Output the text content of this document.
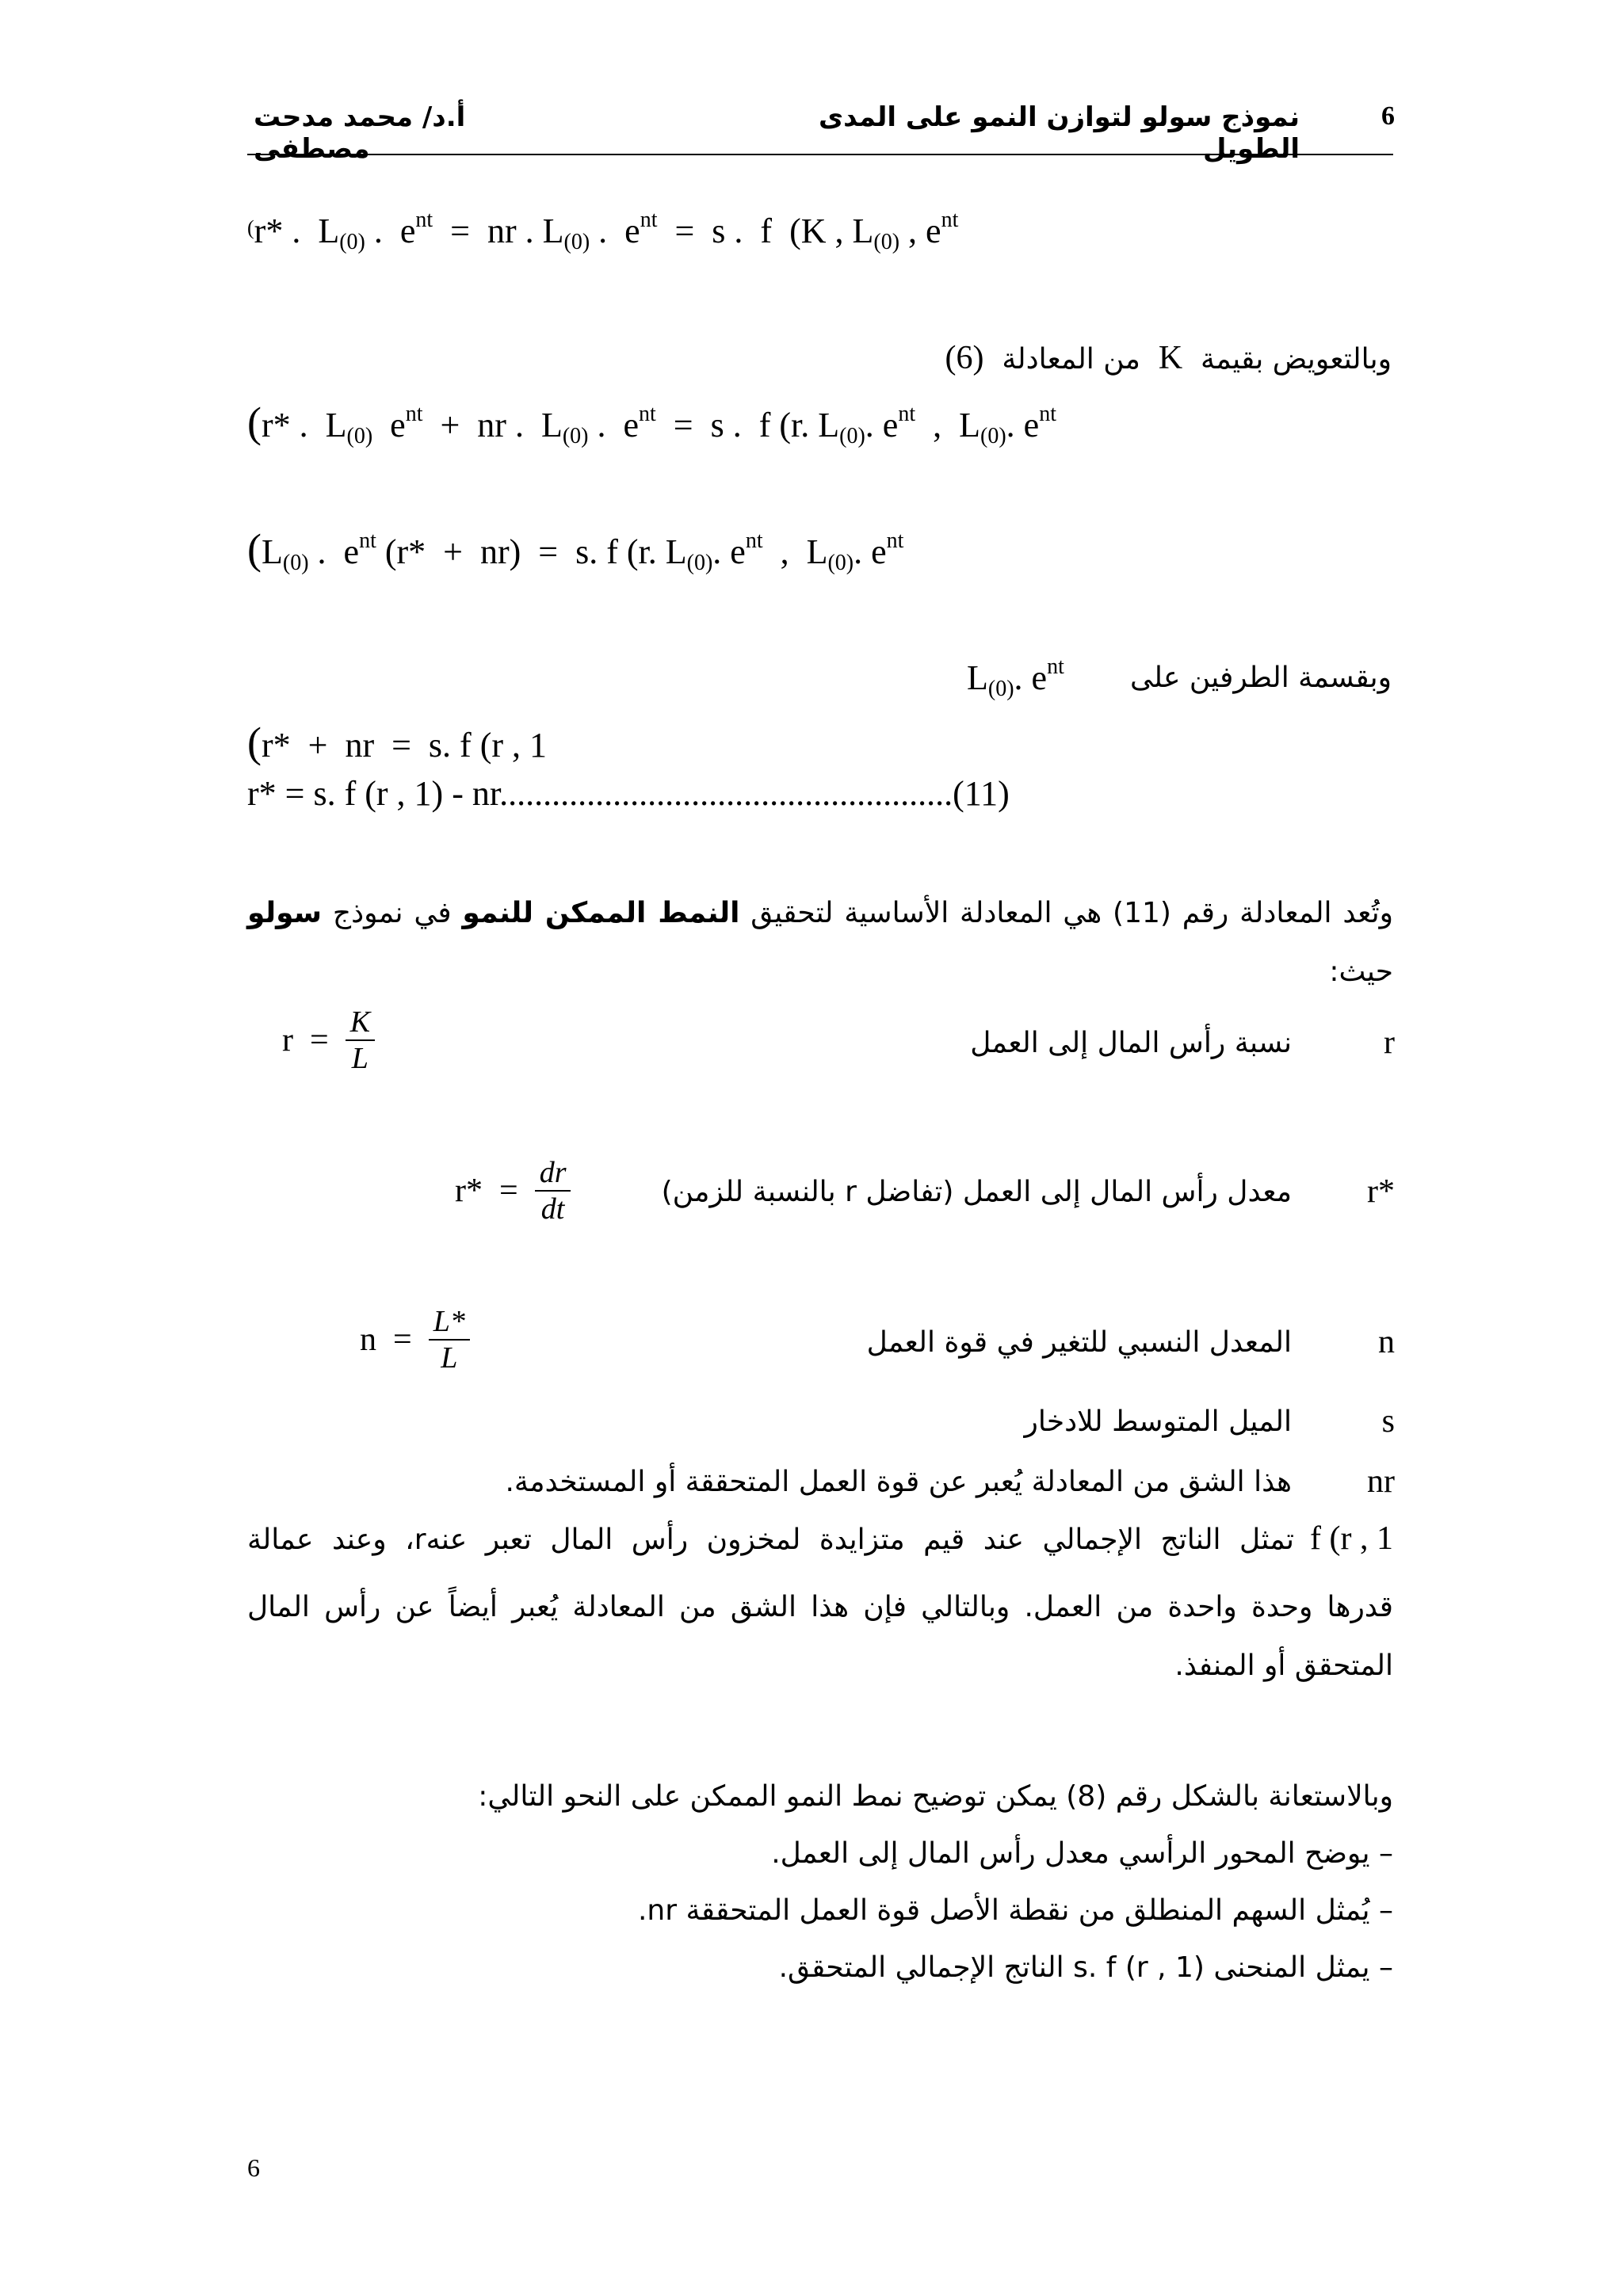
6
نموذج سولو لتوازن النمو على المدى الطويل
أ.د/ محمد مدحت مصطفى
(r* .  $L_{(0)}$ .  $e^{nt}$  =  nr . $L_{(0)}$ .  $e^{nt} = s$ .  f  (K , $L_{(0)}$ , $e^{nt}$
وبالتعويض بقيمة  K  من المعادلة  (6)
(r* .  $L_{(0)}$  $e^{nt}$  +  nr .  $L_{(0)}$ .  $e^{nt} = s$ .  f (r. $L_{(0)}$. $e^{nt}$  ,  $L_{(0)}$. $e^{nt}$
($L_{(0)}$ .  $e^{nt}$ (r*  +  nr)  =  s. f (r. $L_{(0)}$. $e^{nt}$  ,  $L_{(0)}$. $e^{nt}$
وبقسمة الطرفين على
$L_{(0)}$. $e^{nt}$
(r*  +  nr  =  s. f (r , 1
r* = s. f (r , 1) - nr....................................................(11)
وتُعد المعادلة رقم (11) هي المعادلة الأساسية لتحقيق النمط الممكن للنمو في نموذج سولو حيث:
r
نسبة رأس المال إلى العمل
r  =
$\frac{K}{L}$
r*
معدل رأس المال إلى العمل (تفاضل r بالنسبة للزمن)
r*  =
$\frac{dr}{dt}$
n
المعدل النسبي للتغير في قوة العمل
n  =
$\frac{L*}{L}$
s
الميل المتوسط للادخار
nr
هذا الشق من المعادلة يُعبر عن قوة العمل المتحققة أو المستخدمة.
f (r , 1
تمثل الناتج الإجمالي عند قيم متزايدة لمخزون رأس المال تعبر عنهr، وعند عمالة
قدرها وحدة واحدة من العمل. وبالتالي فإن هذا الشق من المعادلة يُعبر أيضاً عن رأس المال
المتحقق أو المنفذ.
وبالاستعانة بالشكل رقم (8) يمكن توضيح نمط النمو الممكن على النحو التالي:
– يوضح المحور الرأسي معدل رأس المال إلى العمل.
– يُمثل السهم المنطلق من نقطة الأصل قوة العمل المتحققة nr.
– يمثل المنحنى s. f (r , 1) الناتج الإجمالي المتحقق.
6
